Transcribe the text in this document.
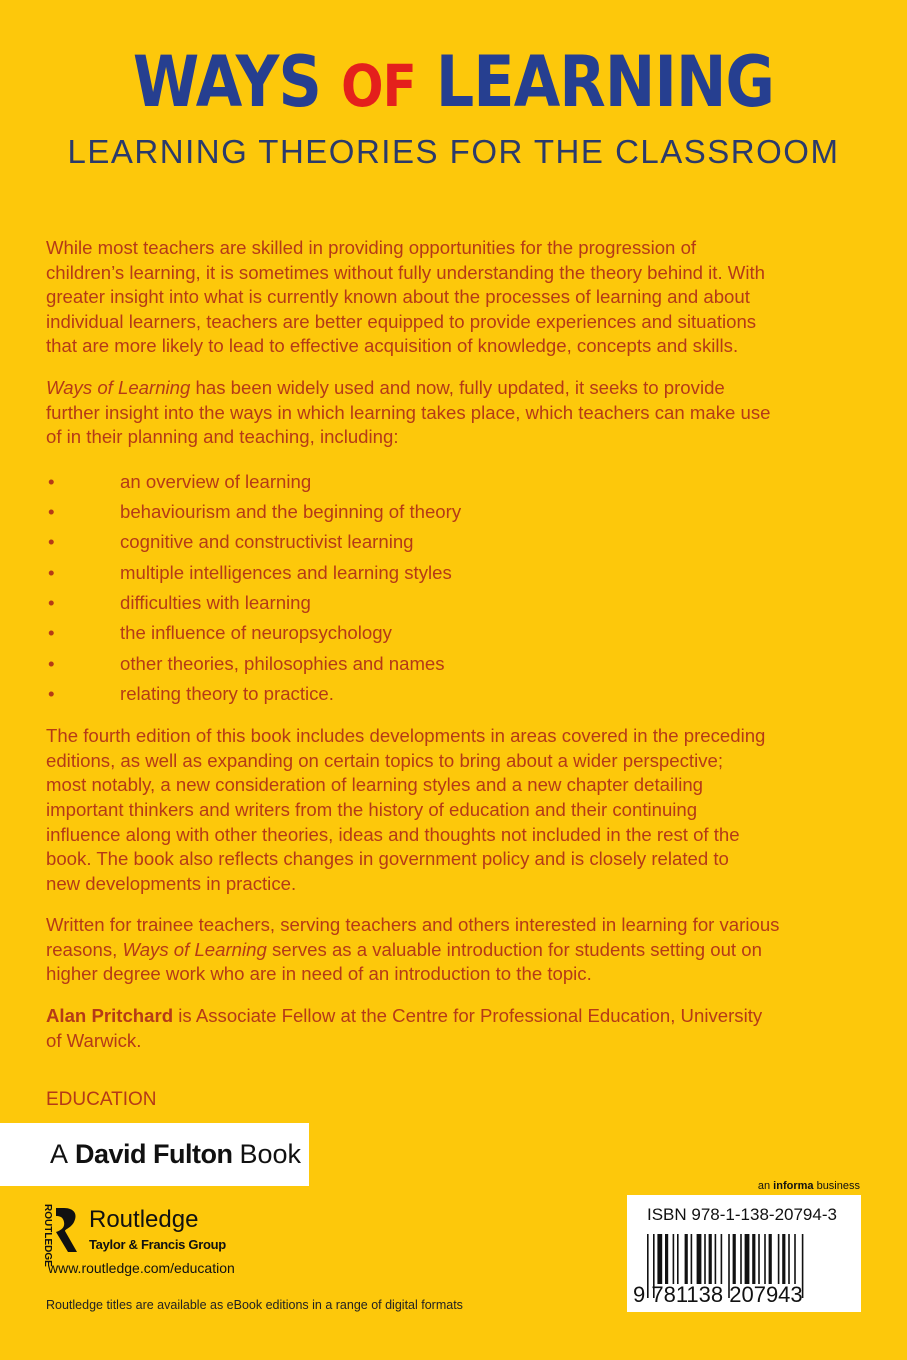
WAYS OF LEARNING
LEARNING THEORIES FOR THE CLASSROOM
While most teachers are skilled in providing opportunities for the progression of
children’s learning, it is sometimes without fully understanding the theory behind it. With
greater insight into what is currently known about the processes of learning and about
individual learners, teachers are better equipped to provide experiences and situations
that are more likely to lead to effective acquisition of knowledge, concepts and skills.
Ways of Learning has been widely used and now, fully updated, it seeks to provide
further insight into the ways in which learning takes place, which teachers can make use
of in their planning and teaching, including:
•	an overview of learning
•	behaviourism and the beginning of theory
•	cognitive and constructivist learning
•	multiple intelligences and learning styles
•	difficulties with learning
•	the influence of neuropsychology
•	other theories, philosophies and names
•	relating theory to practice.
The fourth edition of this book includes developments in areas covered in the preceding
editions, as well as expanding on certain topics to bring about a wider perspective;
most notably, a new consideration of learning styles and a new chapter detailing
important thinkers and writers from the history of education and their continuing
influence along with other theories, ideas and thoughts not included in the rest of the
book. The book also reflects changes in government policy and is closely related to
new developments in practice.
Written for trainee teachers, serving teachers and others interested in learning for various
reasons, Ways of Learning serves as a valuable introduction for students setting out on
higher degree work who are in need of an introduction to the topic.
Alan Pritchard is Associate Fellow at the Centre for Professional Education, University
of Warwick.
EDUCATION
A David Fulton Book
ROUTLEDGE Routledge
Taylor & Francis Group
www.routledge.com/education
Routledge titles are available as eBook editions in a range of digital formats
an informa business
ISBN 978-1-138-20794-3
9 781138 207943
